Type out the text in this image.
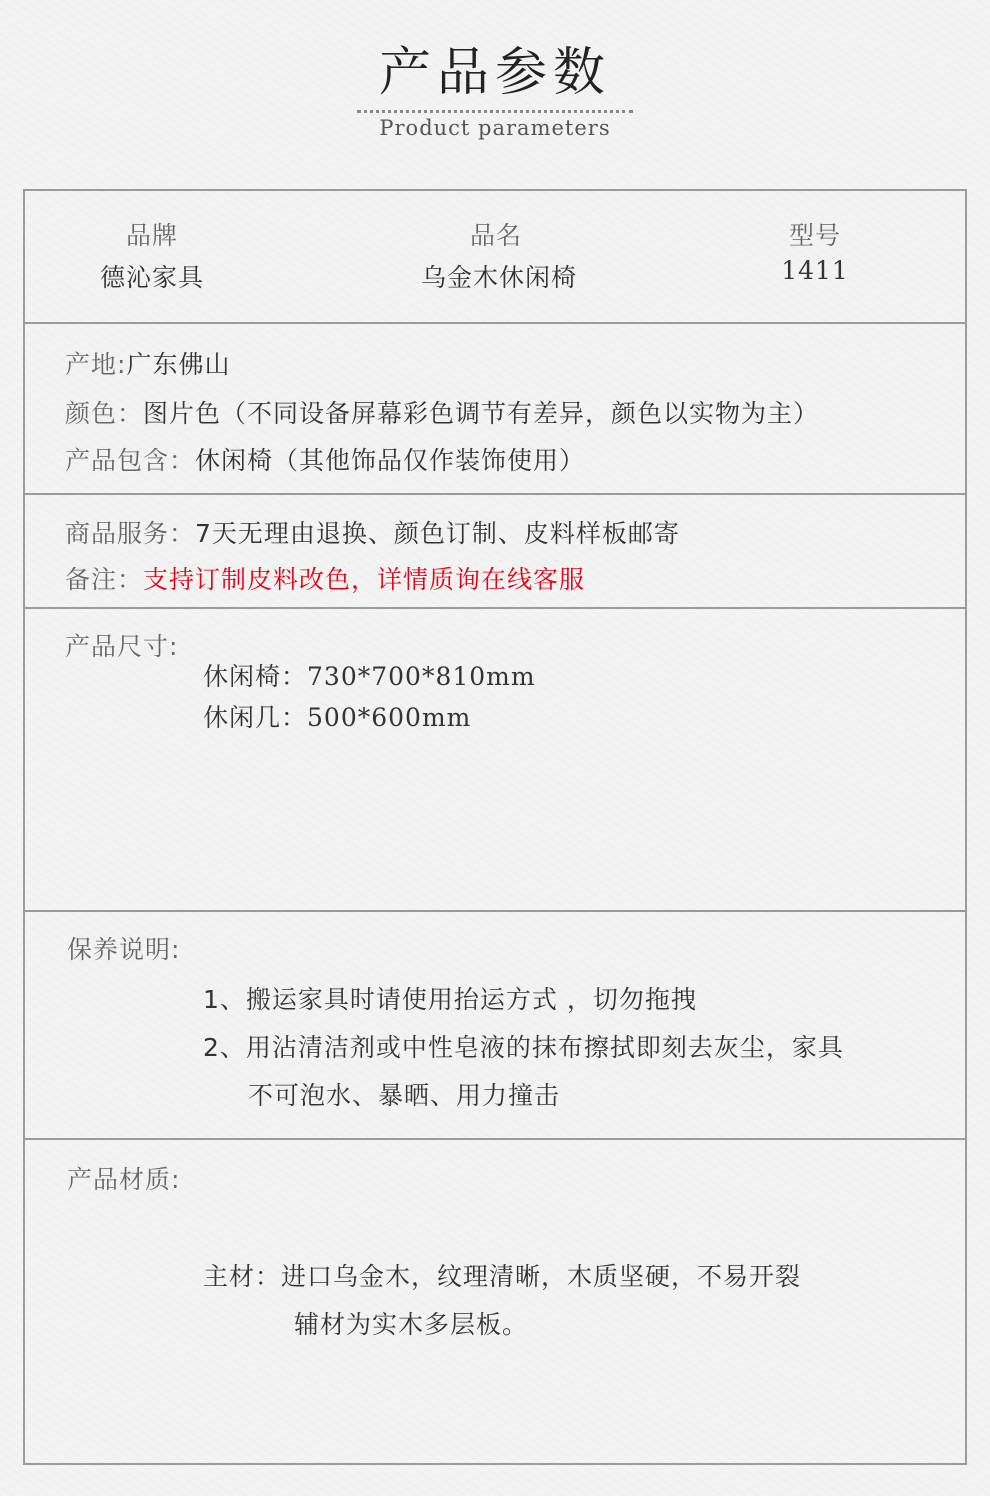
产品参数
Product parameters
品牌
德沁家具
品名
乌金木休闲椅
型号
1411
产地:广东佛山
颜色：图片色（不同设备屏幕彩色调节有差异，颜色以实物为主）
产品包含：休闲椅（其他饰品仅作装饰使用）
商品服务：7天无理由退换、颜色订制、皮料样板邮寄
备注：支持订制皮料改色，详情质询在线客服
产品尺寸:
休闲椅：730*700*810mm
休闲几：500*600mm
保养说明:
1、搬运家具时请使用抬运方式 ，切勿拖拽
2、用沾清洁剂或中性皂液的抹布擦拭即刻去灰尘，家具
不可泡水、暴晒、用力撞击
产品材质:
主材：进口乌金木，纹理清晰，木质坚硬，不易开裂
辅材为实木多层板。
